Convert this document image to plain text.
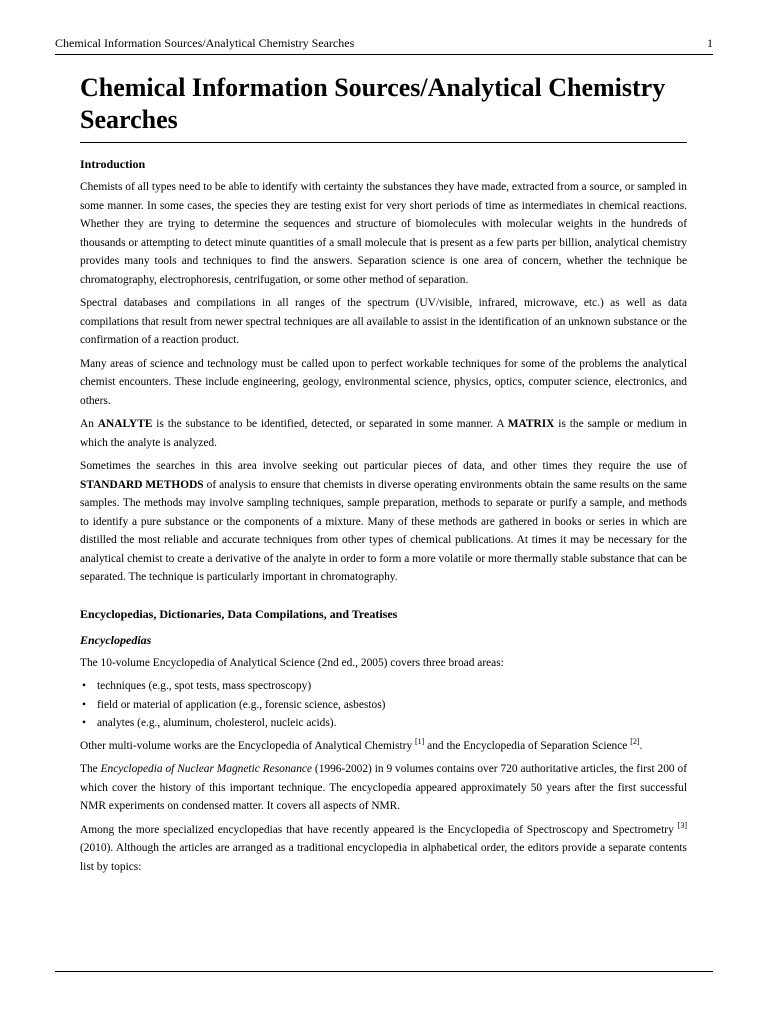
Chemical Information Sources/Analytical Chemistry Searches	1
Chemical Information Sources/Analytical Chemistry Searches
Introduction

Chemists of all types need to be able to identify with certainty the substances they have made, extracted from a source, or sampled in some manner. In some cases, the species they are testing exist for very short periods of time as intermediates in chemical reactions. Whether they are trying to determine the sequences and structure of biomolecules with molecular weights in the hundreds of thousands or attempting to detect minute quantities of a small molecule that is present as a few parts per billion, analytical chemistry provides many tools and techniques to find the answers. Separation science is one area of concern, whether the technique be chromatography, electrophoresis, centrifugation, or some other method of separation.

Spectral databases and compilations in all ranges of the spectrum (UV/visible, infrared, microwave, etc.) as well as data compilations that result from newer spectral techniques are all available to assist in the identification of an unknown substance or the confirmation of a reaction product.

Many areas of science and technology must be called upon to perfect workable techniques for some of the problems the analytical chemist encounters. These include engineering, geology, environmental science, physics, optics, computer science, electronics, and others.

An ANALYTE is the substance to be identified, detected, or separated in some manner. A MATRIX is the sample or medium in which the analyte is analyzed.

Sometimes the searches in this area involve seeking out particular pieces of data, and other times they require the use of STANDARD METHODS of analysis to ensure that chemists in diverse operating environments obtain the same results on the same samples. The methods may involve sampling techniques, sample preparation, methods to separate or purify a sample, and methods to identify a pure substance or the components of a mixture. Many of these methods are gathered in books or series in which are distilled the most reliable and accurate techniques from other types of chemical publications. At times it may be necessary for the analytical chemist to create a derivative of the analyte in order to form a more volatile or more thermally stable substance that can be separated. The technique is particularly important in chromatography.

Encyclopedias, Dictionaries, Data Compilations, and Treatises
Encyclopedias

The 10-volume Encyclopedia of Analytical Science (2nd ed., 2005) covers three broad areas:

• techniques (e.g., spot tests, mass spectroscopy)
• field or material of application (e.g., forensic science, asbestos)
• analytes (e.g., aluminum, cholesterol, nucleic acids).

Other multi-volume works are the Encyclopedia of Analytical Chemistry [1] and the Encyclopedia of Separation Science [2].

The Encyclopedia of Nuclear Magnetic Resonance (1996-2002) in 9 volumes contains over 720 authoritative articles, the first 200 of which cover the history of this important technique. The encyclopedia appeared approximately 50 years after the first successful NMR experiments on condensed matter. It covers all aspects of NMR.

Among the more specialized encyclopedias that have recently appeared is the Encyclopedia of Spectroscopy and Spectrometry [3](2010). Although the articles are arranged as a traditional encyclopedia in alphabetical order, the editors provide a separate contents list by topics:
